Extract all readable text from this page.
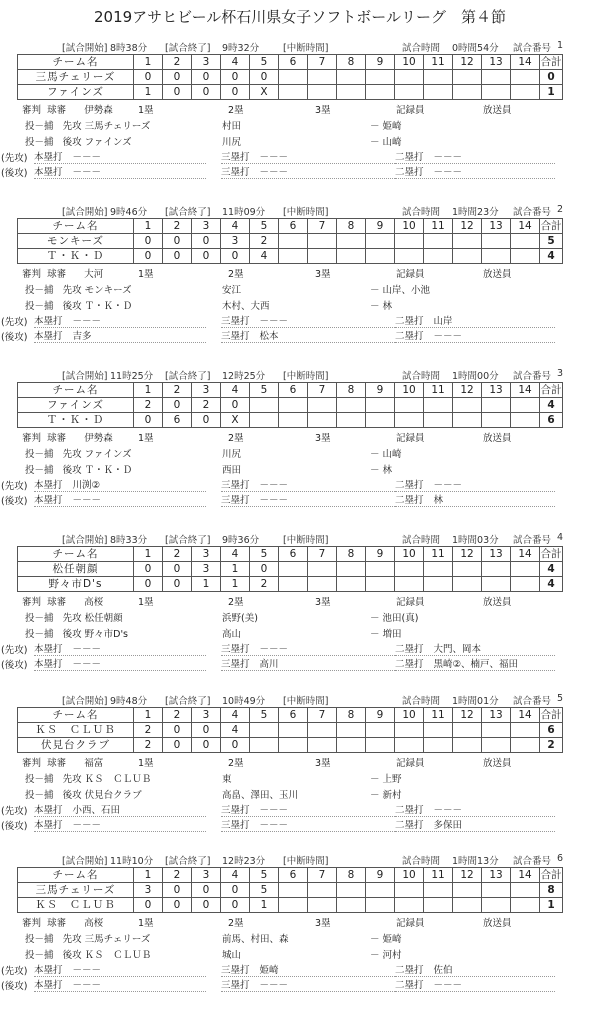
2019アサヒビール杯石川県女子ソフトボールリーグ　第４節
[試合開始] 8時38分 [試合終了] 9時32分	[中断時間]	試合時間 0時間54分 試合番号 1
チーム名	1	2	3	4	5	6	7	8	9	10	11	12	13	14	合計
三馬チェリーズ	0	0	0	0	0										0
ファインズ	1	0	0	0	X										1
審判 球審 伊勢森	1塁	2塁	3塁	記録員	放送員
投－捕 先攻 三馬チェリーズ	村田	－ 姫崎
投－捕 後攻 ファインズ	川尻	－ 山崎
(先攻) 本塁打 －－－	三塁打 －－－	二塁打 －－－
(後攻) 本塁打 －－－	三塁打 －－－	二塁打 －－－
[試合開始] 9時46分 [試合終了] 11時09分 [中断時間]	試合時間 1時間23分 試合番号 2
チーム名	1	2	3	4	5	6	7	8	9	10	11	12	13	14	合計
モンキーズ	0	0	0	3	2										5
Ｔ・Ｋ・Ｄ	0	0	0	0	4										4
審判 球審 大河	1塁	2塁	3塁	記録員	放送員
投－捕 先攻 モンキーズ	安江	－ 山岸、小池
投－捕 後攻 Ｔ・Ｋ・Ｄ	木村、大西	－ 林
(先攻) 本塁打 －－－	三塁打 －－－	二塁打 山岸
(後攻) 本塁打 吉多	三塁打 松本	二塁打 －－－
[試合開始] 11時25分 [試合終了] 12時25分 [中断時間]	試合時間 1時間00分 試合番号 3
チーム名	1	2	3	4	5	6	7	8	9	10	11	12	13	14	合計
ファインズ	2	0	2	0											4
Ｔ・Ｋ・Ｄ	0	6	0	X											6
審判 球審 伊勢森	1塁	2塁	3塁	記録員	放送員
投－捕 先攻 ファインズ	川尻	－ 山崎
投－捕 後攻 Ｔ・Ｋ・Ｄ	西田	－ 林
(先攻) 本塁打 川渕②	三塁打 －－－	二塁打 －－－
(後攻) 本塁打 －－－	三塁打 －－－	二塁打 林
[試合開始] 8時33分 [試合終了] 9時36分	[中断時間]	試合時間 1時間03分 試合番号 4
チーム名	1	2	3	4	5	6	7	8	9	10	11	12	13	14	合計
松任朝顔	0	0	3	1	0										4
野々市D's	0	0	1	1	2										4
審判 球審 高桜	1塁	2塁	3塁	記録員	放送員
投－捕 先攻 松任朝顔	浜野(美)	－ 池田(真)
投－捕 後攻 野々市D's	高山	－ 増田
(先攻) 本塁打 －－－	三塁打 －－－	二塁打 大門、岡本
(後攻) 本塁打 －－－	三塁打 高川	二塁打 黒崎②、楠戸、福田
[試合開始] 9時48分 [試合終了] 10時49分 [中断時間]	試合時間 1時間01分 試合番号 5
チーム名	1	2	3	4	5	6	7	8	9	10	11	12	13	14	合計
ＫＳ　ＣＬＵＢ	2	0	0	4											6
伏見台クラブ	2	0	0	0											2
審判 球審 福富	1塁	2塁	3塁	記録員	放送員
投－捕 先攻 ＫＳ　ＣＬＵＢ	東	－ 上野
投－捕 後攻 伏見台クラブ	高畠、澤田、玉川	－ 新村
(先攻) 本塁打 小西、石田	三塁打 －－－	二塁打 －－－
(後攻) 本塁打 －－－	三塁打 －－－	二塁打 多保田
[試合開始] 11時10分 [試合終了] 12時23分 [中断時間]	試合時間 1時間13分 試合番号 6
チーム名	1	2	3	4	5	6	7	8	9	10	11	12	13	14	合計
三馬チェリーズ	3	0	0	0	5										8
ＫＳ　ＣＬＵＢ	0	0	0	0	1										1
審判 球審 高桜	1塁	2塁	3塁	記録員	放送員
投－捕 先攻 三馬チェリーズ	前馬、村田、森	－ 姫崎
投－捕 後攻 ＫＳ　ＣＬＵＢ	城山	－ 河村
(先攻) 本塁打 －－－	三塁打 姫崎	二塁打 佐伯
(後攻) 本塁打 －－－	三塁打 －－－	二塁打 －－－
